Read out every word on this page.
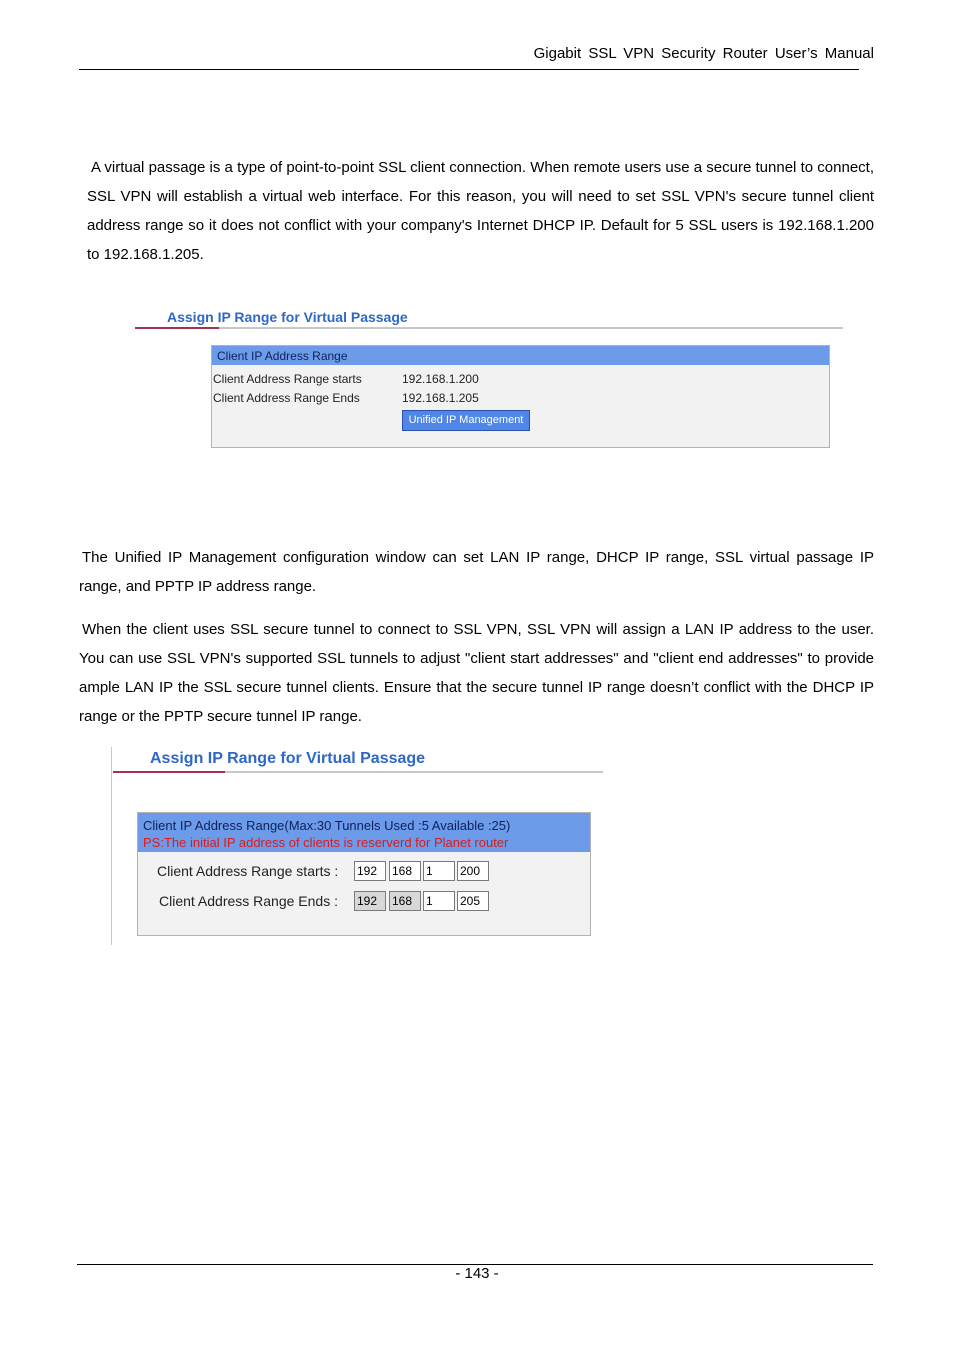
Gigabit SSL VPN Security Router User’s Manual

A virtual passage is a type of point-to-point SSL client connection. When remote users use a secure tunnel to connect, SSL VPN will establish a virtual web interface. For this reason, you will need to set SSL VPN's secure tunnel client address range so it does not conflict with your company's Internet DHCP IP. Default for 5 SSL users is 192.168.1.200 to 192.168.1.205.

Assign IP Range for Virtual Passage
Client IP Address Range
Client Address Range starts	192.168.1.200
Client Address Range Ends	192.168.1.205
Unified IP Management

The Unified IP Management configuration window can set LAN IP range, DHCP IP range, SSL virtual passage IP range, and PPTP IP address range.

When the client uses SSL secure tunnel to connect to SSL VPN, SSL VPN will assign a LAN IP address to the user. You can use SSL VPN's supported SSL tunnels to adjust "client start addresses" and "client end addresses" to provide ample LAN IP the SSL secure tunnel clients. Ensure that the secure tunnel IP range doesn’t conflict with the DHCP IP range or the PPTP secure tunnel IP range.

Assign IP Range for Virtual Passage
Client IP Address Range(Max:30 Tunnels Used :5 Available :25)
PS:The initial IP address of clients is reserverd for Planet router
Client Address Range starts : 192	168	1	200
Client Address Range Ends : 192	168	1	205
- 143 -
